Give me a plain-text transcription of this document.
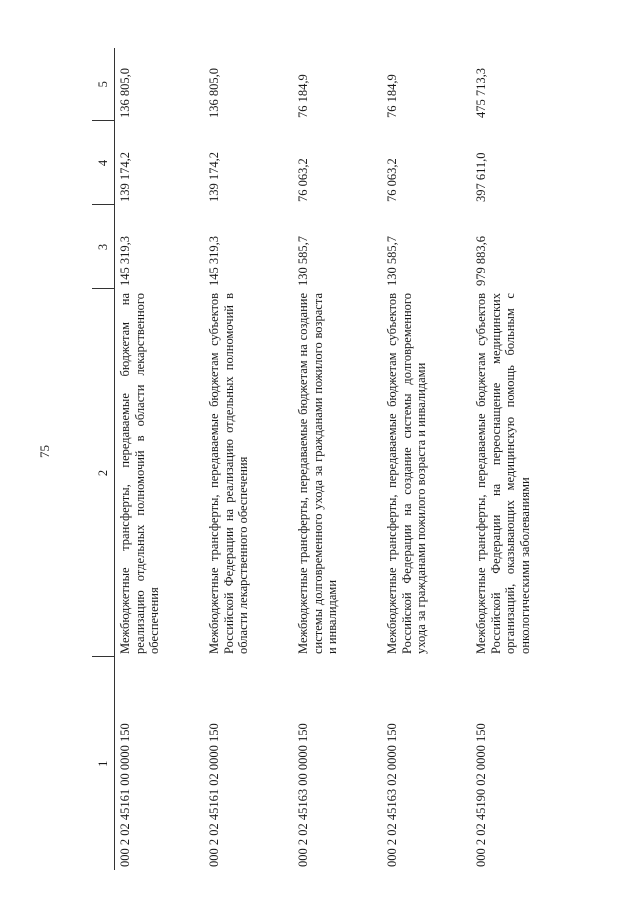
75
1	2	3	4	5
000 2 02 45161 00 0000 150	Межбюджетные трансферты, передаваемые бюджетам на реализацию отдельных полномочий в области лекарственного обеспечения	145 319,3	139 174,2	136 805,0

000 2 02 45161 02 0000 150	Межбюджетные трансферты, передаваемые бюджетам субъектов Российской Федерации на реализацию отдельных полномочий в области лекарственного обеспечения	145 319,3	139 174,2	136 805,0

000 2 02 45163 00 0000 150	Межбюджетные трансферты, передаваемые бюджетам на создание системы долговременного ухода за гражданами пожилого возраста и инвалидами	130 585,7	76 063,2	76 184,9

000 2 02 45163 02 0000 150	Межбюджетные трансферты, передаваемые бюджетам субъектов Российской Федерации на создание системы долговременного ухода за гражданами пожилого возраста и инвалидами	130 585,7	76 063,2	76 184,9

000 2 02 45190 02 0000 150	Межбюджетные трансферты, передаваемые бюджетам субъектов Российской Федерации на переоснащение медицинских организаций, оказывающих медицинскую помощь больным с онкологическими заболеваниями	979 883,6	397 611,0	475 713,3
